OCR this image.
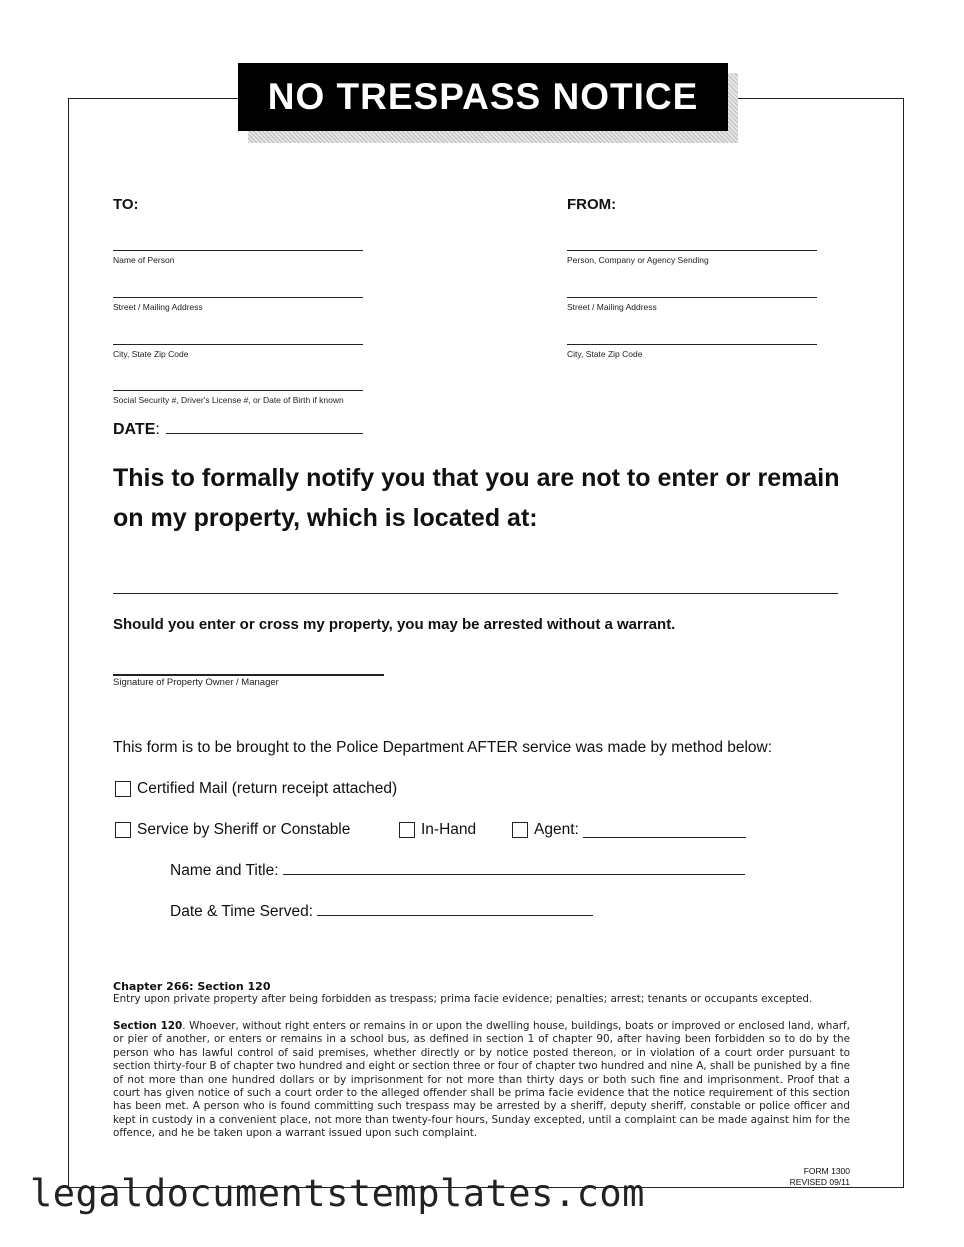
NO TRESPASS NOTICE
TO:
Name of Person
Street / Mailing Address
City, State Zip Code
Social Security #, Driver's License #, or Date of Birth if known
FROM:
Person, Company or Agency Sending
Street / Mailing Address
City, State Zip Code
DATE:
This to formally notify you that you are not to enter or remain
on my property, which is located at:
Should you enter or cross my property, you may be arrested without a warrant.
Signature of Property Owner / Manager
This form is to be brought to the Police Department AFTER service was made by method below:
Certified Mail (return receipt attached)
Service by Sheriff or Constable	In-Hand	Agent:
Name and Title:
Date & Time Served:
Chapter 266: Section 120
Entry upon private property after being forbidden as trespass; prima facie evidence; penalties; arrest; tenants or occupants excepted.
Section 120. Whoever, without right enters or remains in or upon the dwelling house, buildings, boats or improved or enclosed land, wharf, or pier of another, or enters or remains in a school bus, as defined in section 1 of chapter 90, after having been forbidden so to do by the person who has lawful control of said premises, whether directly or by notice posted thereon, or in violation of a court order pursuant to section thirty-four B of chapter two hundred and eight or section three or four of chapter two hundred and nine A, shall be punished by a fine of not more than one hundred dollars or by imprisonment for not more than thirty days or both such fine and imprisonment. Proof that a court has given notice of such a court order to the alleged offender shall be prima facie evidence that the notice requirement of this section has been met. A person who is found committing such trespass may be arrested by a sheriff, deputy sheriff, constable or police officer and kept in custody in a convenient place, not more than twenty-four hours, Sunday excepted, until a complaint can be made against him for the offence, and he be taken upon a warrant issued upon such complaint.
FORM 1300
REVISED 09/11
legaldocumentstemplates.com
